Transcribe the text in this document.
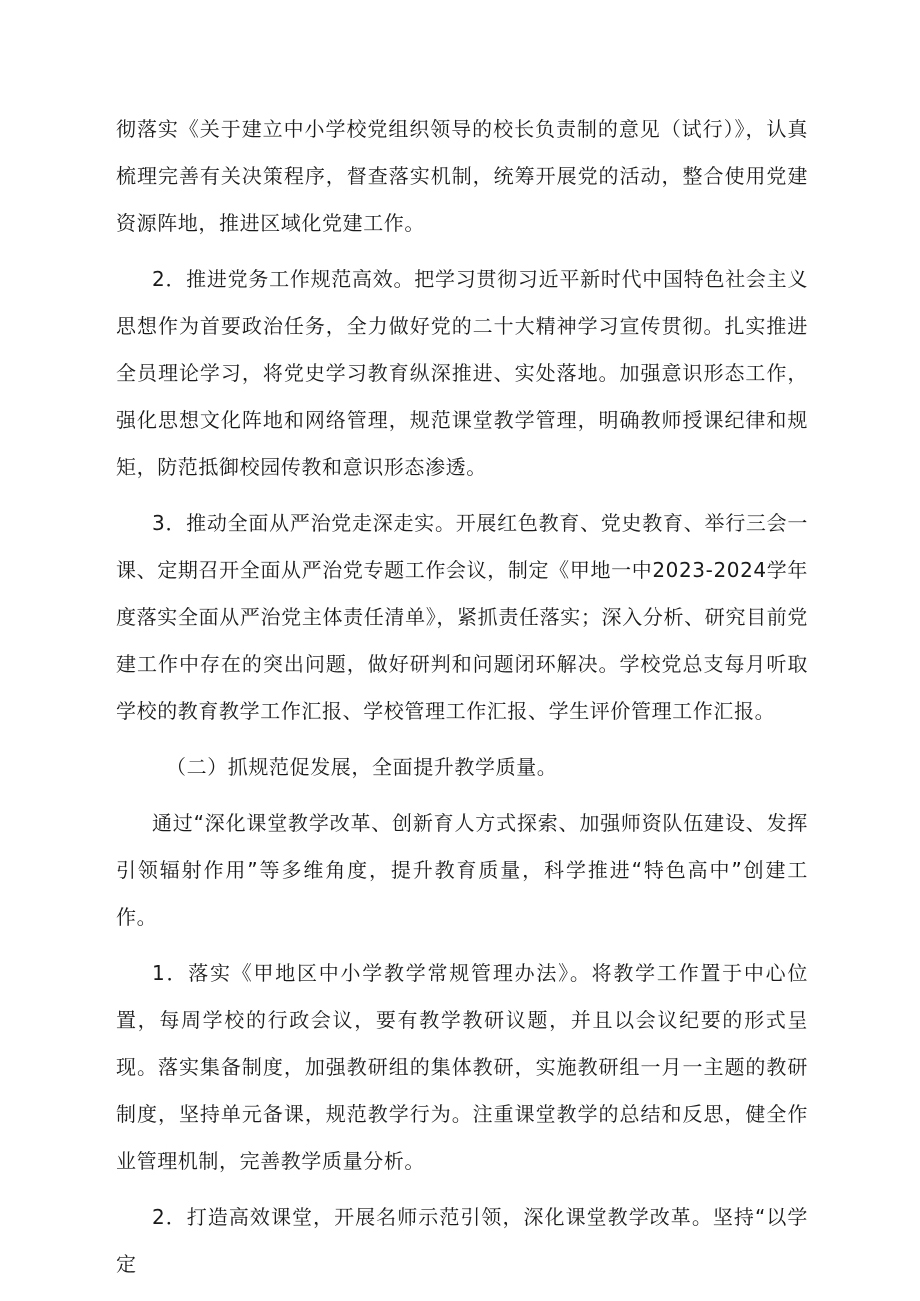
彻落实《关于建立中小学校党组织领导的校长负责制的意见（试行）》，认真梳理完善有关决策程序，督查落实机制，统筹开展党的活动，整合使用党建资源阵地，推进区域化党建工作。

2．推进党务工作规范高效。把学习贯彻习近平新时代中国特色社会主义思想作为首要政治任务，全力做好党的二十大精神学习宣传贯彻。扎实推进全员理论学习，将党史学习教育纵深推进、实处落地。加强意识形态工作，强化思想文化阵地和网络管理，规范课堂教学管理，明确教师授课纪律和规矩，防范抵御校园传教和意识形态渗透。

3．推动全面从严治党走深走实。开展红色教育、党史教育、举行三会一课、定期召开全面从严治党专题工作会议，制定《甲地一中2023-2024学年度落实全面从严治党主体责任清单》，紧抓责任落实；深入分析、研究目前党建工作中存在的突出问题，做好研判和问题闭环解决。学校党总支每月听取学校的教育教学工作汇报、学校管理工作汇报、学生评价管理工作汇报。

（二）抓规范促发展，全面提升教学质量。

通过“深化课堂教学改革、创新育人方式探索、加强师资队伍建设、发挥引领辐射作用”等多维角度，提升教育质量，科学推进“特色高中”创建工作。

1．落实《甲地区中小学教学常规管理办法》。将教学工作置于中心位置，每周学校的行政会议，要有教学教研议题，并且以会议纪要的形式呈现。落实集备制度，加强教研组的集体教研，实施教研组一月一主题的教研制度，坚持单元备课，规范教学行为。注重课堂教学的总结和反思，健全作业管理机制，完善教学质量分析。

2．打造高效课堂，开展名师示范引领，深化课堂教学改革。坚持“以学定
